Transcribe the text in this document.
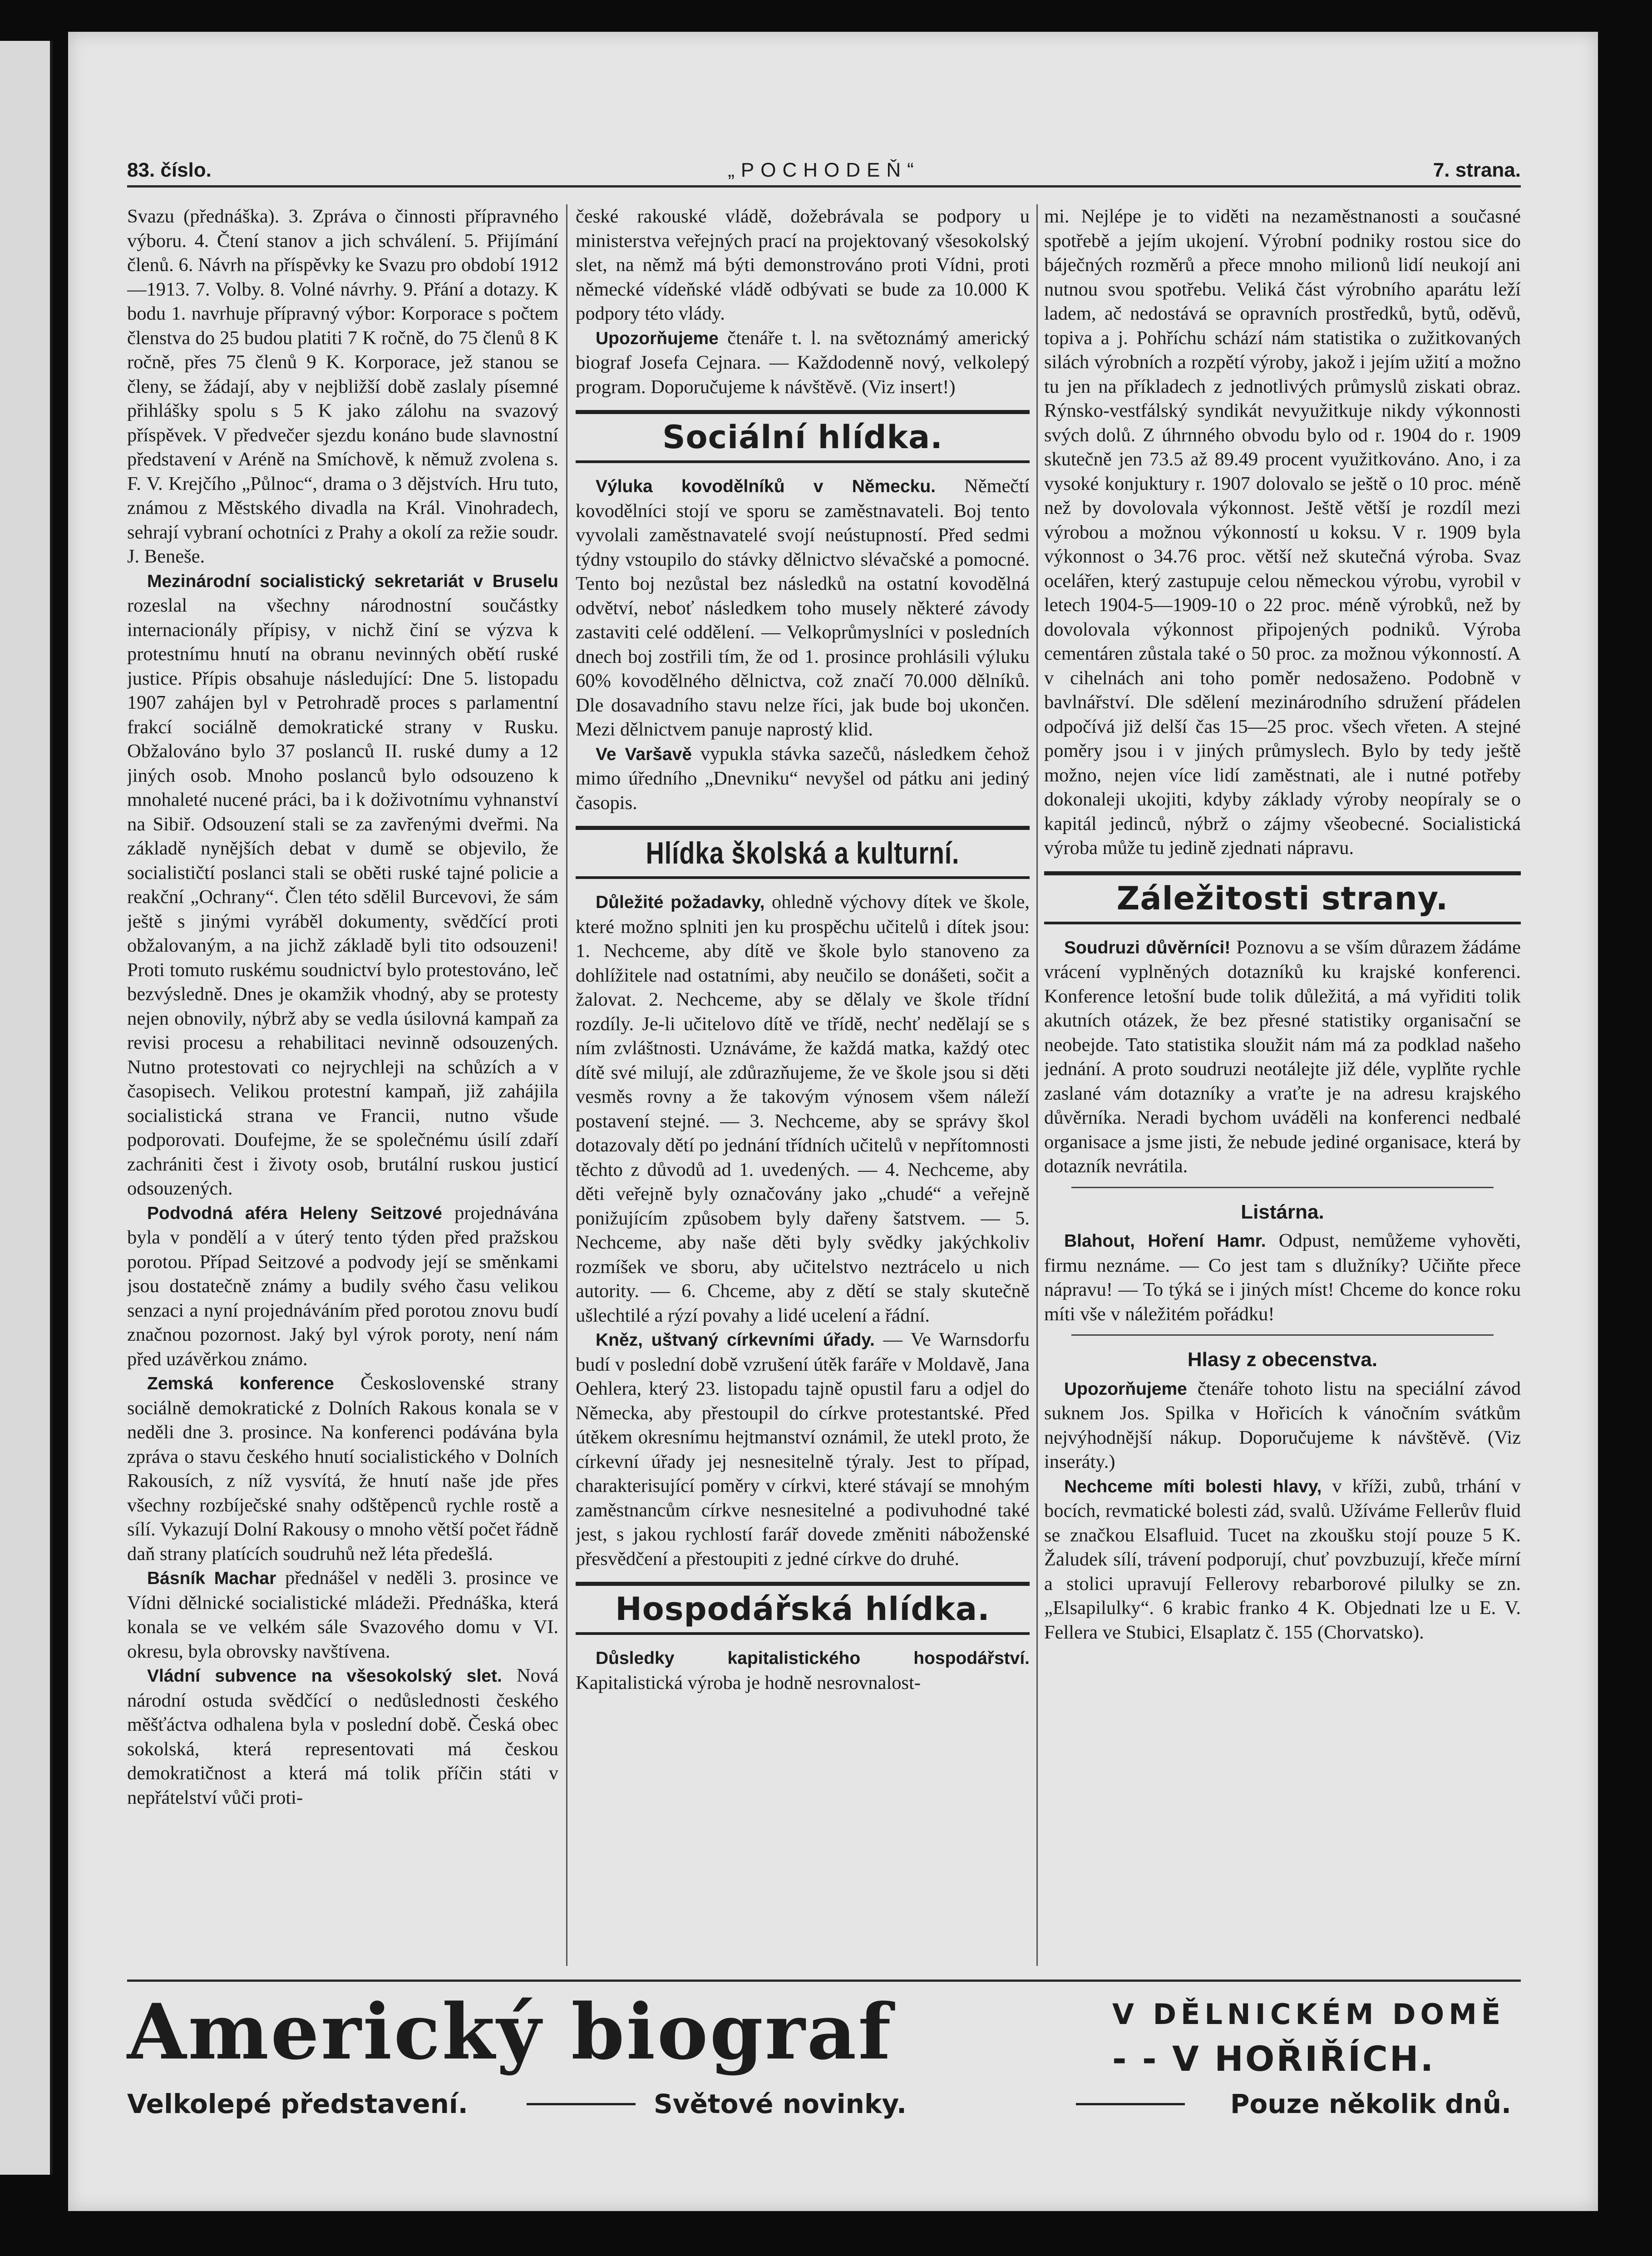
83. číslo.	„POCHODEŇ“	7. strana.

Svazu (přednáška). 3. Zpráva o činnosti přípravného výboru. 4. Čtení stanov a jich schválení. 5. Přijímání členů. 6. Návrh na příspěvky ke Svazu pro období 1912—1913. 7. Volby. 8. Volné návrhy. 9. Přání a dotazy. K bodu 1. navrhuje přípravný výbor: Korporace s počtem členstva do 25 budou platiti 7 K ročně, do 75 členů 8 K ročně, přes 75 členů 9 K. Korporace, jež stanou se členy, se žádají, aby v nejbližší době zaslaly písemné přihlášky spolu s 5 K jako zálohu na svazový příspěvek. V předvečer sjezdu konáno bude slavnostní představení v Aréně na Smíchově, k němuž zvolena s. F. V. Krejčího „Půlnoc“, drama o 3 dějstvích. Hru tuto, známou z Městského divadla na Král. Vinohradech, sehrají vybraní ochotníci z Prahy a okolí za režie soudr. J. Beneše.

Mezinárodní socialistický sekretariát v Bruselu rozeslal na všechny národnostní součástky internacionály přípisy, v nichž činí se výzva k protestnímu hnutí na obranu nevinných obětí ruské justice. Přípis obsahuje následující: Dne 5. listopadu 1907 zahájen byl v Petrohradě proces s parlamentní frakcí sociálně demokratické strany v Rusku. Obžalováno bylo 37 poslanců II. ruské dumy a 12 jiných osob. Mnoho poslanců bylo odsouzeno k mnohaleté nucené práci, ba i k doživotnímu vyhnanství na Sibiř. Odsouzení stali se za zavřenými dveřmi. Na základě nynějších debat v dumě se objevilo, že socialističtí poslanci stali se oběti ruské tajné policie a reakční „Ochrany“. Člen této sdělil Burcevovi, že sám ještě s jinými vyráběl dokumenty, svědčící proti obžalovaným, a na jichž základě byli tito odsouzeni! Proti tomuto ruskému soudnictví bylo protestováno, leč bezvýsledně. Dnes je okamžik vhodný, aby se protesty nejen obnovily, nýbrž aby se vedla úsilovná kampaň za revisi procesu a rehabilitaci nevinně odsouzených. Nutno protestovati co nejrychleji na schůzích a v časopisech. Velikou protestní kampaň, již zahájila socialistická strana ve Francii, nutno všude podporovati. Doufejme, že se společnému úsilí zdaří zachrániti čest i životy osob, brutální ruskou justicí odsouzených.

Podvodná aféra Heleny Seitzové projednávána byla v pondělí a v úterý tento týden před pražskou porotou. Případ Seitzové a podvody její se směnkami jsou dostatečně známy a budily svého času velikou senzaci a nyní projednáváním před porotou znovu budí značnou pozornost. Jaký byl výrok poroty, není nám před uzávěrkou známo.

Zemská konference Československé strany sociálně demokratické z Dolních Rakous konala se v neděli dne 3. prosince. Na konferenci podávána byla zpráva o stavu českého hnutí socialistického v Dolních Rakousích, z níž vysvítá, že hnutí naše jde přes všechny rozbíječské snahy odštěpenců rychle rostě a sílí. Vykazují Dolní Rakousy o mnoho větší počet řádně daň strany platících soudruhů než léta předešlá.

Básník Machar přednášel v neděli 3. prosince ve Vídni dělnické socialistické mládeži. Přednáška, která konala se ve velkém sále Svazového domu v VI. okresu, byla obrovsky navštívena.

Vládní subvence na všesokolský slet. Nová národní ostuda svědčící o nedůslednosti českého měšťáctva odhalena byla v poslední době. Česká obec sokolská, která representovati má českou demokratičnost a která má tolik příčin státi v nepřátelství vůči proti-

české rakouské vládě, dožebrávala se podpory u ministerstva veřejných prací na projektovaný všesokolský slet, na němž má býti demonstrováno proti Vídni, proti německé vídeňské vládě odbývati se bude za 10.000 K podpory této vlády.

Upozorňujeme čtenáře t. l. na světoznámý americký biograf Josefa Cejnara. — Každodenně nový, velkolepý program. Doporučujeme k návštěvě. (Viz insert!)

Sociální hlídka.

Výluka kovodělníků v Německu. Němečtí kovodělníci stojí ve sporu se zaměstnavateli. Boj tento vyvolali zaměstnavatelé svojí neústupností. Před sedmi týdny vstoupilo do stávky dělnictvo slévačské a pomocné. Tento boj nezůstal bez následků na ostatní kovodělná odvětví, neboť následkem toho musely některé závody zastaviti celé oddělení. — Velkoprůmyslníci v posledních dnech boj zostřili tím, že od 1. prosince prohlásili výluku 60% kovodělného dělnictva, což značí 70.000 dělníků. Dle dosavadního stavu nelze říci, jak bude boj ukončen. Mezi dělnictvem panuje naprostý klid.

Ve Varšavě vypukla stávka sazečů, následkem čehož mimo úředního „Dnevniku“ nevyšel od pátku ani jediný časopis.

Hlídka školská a kulturní.

Důležité požadavky, ohledně výchovy dítek ve škole, které možno splniti jen ku prospěchu učitelů i dítek jsou: 1. Nechceme, aby dítě ve škole bylo stanoveno za dohlížitele nad ostatními, aby neučilo se donášeti, sočit a žalovat. 2. Nechceme, aby se dělaly ve škole třídní rozdíly. Je-li učitelovo dítě ve třídě, nechť nedělají se s ním zvláštnosti. Uznáváme, že každá matka, každý otec dítě své milují, ale zdůrazňujeme, že ve škole jsou si děti vesměs rovny a že takovým výnosem všem náleží postavení stejné. — 3. Nechceme, aby se správy škol dotazovaly dětí po jednání třídních učitelů v nepřítomnosti těchto z důvodů ad 1. uvedených. — 4. Nechceme, aby děti veřejně byly označovány jako „chudé“ a veřejně ponižujícím způsobem byly dařeny šatstvem. — 5. Nechceme, aby naše děti byly svědky jakýchkoliv rozmíšek ve sboru, aby učitelstvo neztrácelo u nich autority. — 6. Chceme, aby z dětí se staly skutečně ušlechtilé a rýzí povahy a lidé ucelení a řádní.

Kněz, uštvaný církevními úřady. — Ve Warnsdorfu budí v poslední době vzrušení útěk faráře v Moldavě, Jana Oehlera, který 23. listopadu tajně opustil faru a odjel do Německa, aby přestoupil do církve protestantské. Před útěkem okresnímu hejtmanství oznámil, že utekl proto, že církevní úřady jej nesnesitelně týraly. Jest to případ, charakterisující poměry v církvi, které stávají se mnohým zaměstnancům církve nesnesitelné a podivuhodné také jest, s jakou rychlostí farář dovede změniti náboženské přesvědčení a přestoupiti z jedné církve do druhé.

Hospodářská hlídka.

Důsledky kapitalistického hospodářství. Kapitalistická výroba je hodně nesrovnalost-

mi. Nejlépe je to viděti na nezaměstnanosti a současné spotřebě a jejím ukojení. Výrobní podniky rostou sice do báječných rozměrů a přece mnoho milionů lidí neukojí ani nutnou svou spotřebu. Veliká část výrobního aparátu leží ladem, ač nedostává se opravních prostředků, bytů, oděvů, topiva a j. Pohříchu schází nám statistika o zužitkovaných silách výrobních a rozpětí výroby, jakož i jejím užití a možno tu jen na příkladech z jednotlivých průmyslů ziskati obraz. Rýnsko-vestfálský syndikát nevyužitkuje nikdy výkonnosti svých dolů. Z úhrnného obvodu bylo od r. 1904 do r. 1909 skutečně jen 73.5 až 89.49 procent využitkováno. Ano, i za vysoké konjuktury r. 1907 dolovalo se ještě o 10 proc. méně než by dovolovala výkonnost. Ještě větší je rozdíl mezi výrobou a možnou výkonností u koksu. V r. 1909 byla výkonnost o 34.76 proc. větší než skutečná výroba. Svaz ocelářen, který zastupuje celou německou výrobu, vyrobil v letech 1904-5—1909-10 o 22 proc. méně výrobků, než by dovolovala výkonnost připojených podniků. Výroba cementáren zůstala také o 50 proc. za možnou výkonností. A v cihelnách ani toho poměr nedosaženo. Podobně v bavlnářství. Dle sdělení mezinárodního sdružení přádelen odpočívá již delší čas 15—25 proc. všech vřeten. A stejné poměry jsou i v jiných průmyslech. Bylo by tedy ještě možno, nejen více lidí zaměstnati, ale i nutné potřeby dokonaleji ukojiti, kdyby základy výroby neopíraly se o kapitál jedinců, nýbrž o zájmy všeobecné. Socialistická výroba může tu jedině zjednati nápravu.

Záležitosti strany.

Soudruzi důvěrníci! Poznovu a se vším důrazem žádáme vrácení vyplněných dotazníků ku krajské konferenci. Konference letošní bude tolik důležitá, a má vyřiditi tolik akutních otázek, že bez přesné statistiky organisační se neobejde. Tato statistika sloužit nám má za podklad našeho jednání. A proto soudruzi neotálejte již déle, vyplňte rychle zaslané vám dotazníky a vraťte je na adresu krajského důvěrníka. Neradi bychom uváděli na konferenci nedbalé organisace a jsme jisti, že nebude jediné organisace, která by dotazník nevrátila.

Listárna.

Blahout, Hoření Hamr. Odpust, nemůžeme vyhověti, firmu neznáme. — Co jest tam s dlužníky? Učiňte přece nápravu! — To týká se i jiných míst! Chceme do konce roku míti vše v náležitém pořádku!

Hlasy z obecenstva.

Upozorňujeme čtenáře tohoto listu na speciální závod suknem Jos. Spilka v Hořicích k vánočním svátkům nejvýhodnější nákup. Doporučujeme k návštěvě. (Viz inseráty.)

Nechceme míti bolesti hlavy, v kříži, zubů, trhání v bocích, revmatické bolesti zád, svalů. Užíváme Fellerův fluid se značkou Elsafluid. Tucet na zkoušku stojí pouze 5 K. Žaludek sílí, trávení podporují, chuť povzbuzují, křeče mírní a stolici upravují Fellerovy rebarborové pilulky se zn. „Elsapilulky“. 6 krabic franko 4 K. Objednati lze u E. V. Fellera ve Stubici, Elsaplatz č. 155 (Chorvatsko).

Americký biograf
Velkolepé představení.	Světové novinky.
V DĚLNICKÉM DOMĚ
- - V HOŘIŘÍCH.
Pouze několik dnů.
